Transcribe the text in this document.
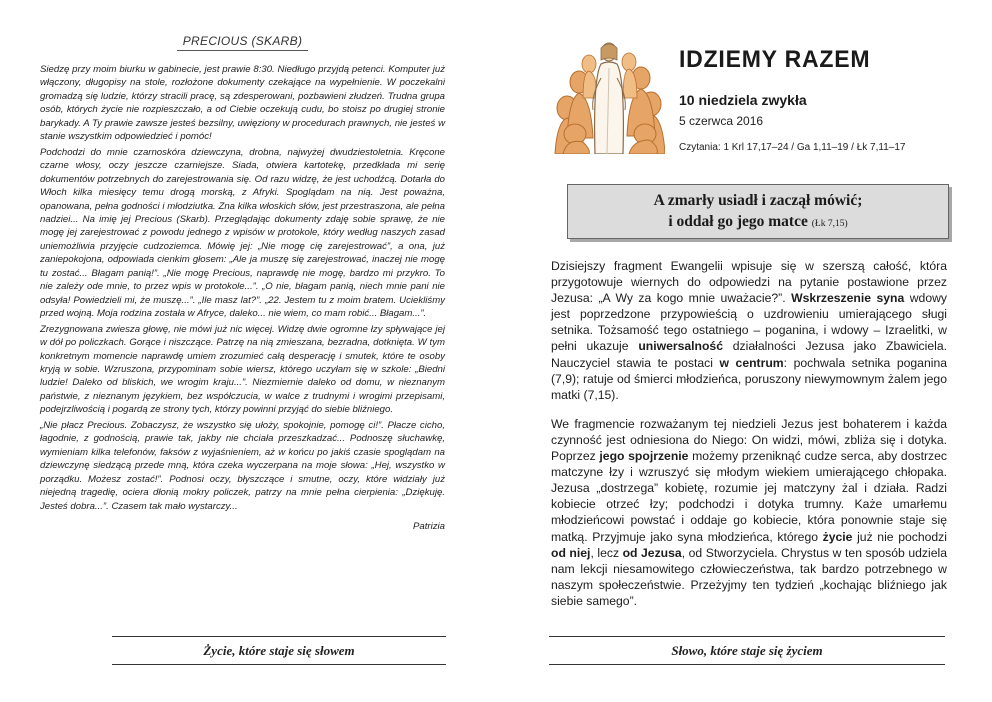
PRECIOUS (SKARB)

Siedzę przy moim biurku w gabinecie, jest prawie 8:30. Niedługo przyjdą petenci. Komputer już włączony, długopisy na stole, rozłożone dokumenty czekające na wypełnienie. W poczekalni gromadzą się ludzie, którzy stracili pracę, są zdesperowani, pozbawieni złudzeń. Trudna grupa osób, których życie nie rozpieszczało, a od Ciebie oczekują cudu, bo stoisz po drugiej stronie barykady. A Ty prawie zawsze jesteś bezsilny, uwięziony w procedurach prawnych, nie jesteś w stanie wszystkim odpowiedzieć i pomóc!

Podchodzi do mnie czarnoskóra dziewczyna, drobna, najwyżej dwudziestoletnia. Kręcone czarne włosy, oczy jeszcze czarniejsze. Siada, otwiera kartotekę, przedkłada mi serię dokumentów potrzebnych do zarejestrowania się. Od razu widzę, że jest uchodźcą. Dotarła do Włoch kilka miesięcy temu drogą morską, z Afryki. Spoglądam na nią. Jest poważna, opanowana, pełna godności i młodziutka. Zna kilka włoskich słów, jest przestraszona, ale pełna nadziei... Na imię jej Precious (Skarb). Przeglądając dokumenty zdaję sobie sprawę, że nie mogę jej zarejestrować z powodu jednego z wpisów w protokole, który według naszych zasad uniemożliwia przyjęcie cudzoziemca. Mówię jej: „Nie mogę cię zarejestrować”, a ona, już zaniepokojona, odpowiada cienkim głosem: „Ale ja muszę się zarejestrować, inaczej nie mogę tu zostać... Błagam panią!”. „Nie mogę Precious, naprawdę nie mogę, bardzo mi przykro. To nie zależy ode mnie, to przez wpis w protokole...”. „O nie, błagam panią, niech mnie pani nie odsyła! Powiedzieli mi, że muszę...”. „Ile masz lat?”. „22. Jestem tu z moim bratem. Uciekliśmy przed wojną. Moja rodzina została w Afryce, daleko... nie wiem, co mam robić... Błagam...”.

Zrezygnowana zwiesza głowę, nie mówi już nic więcej. Widzę dwie ogromne łzy spływające jej w dół po policzkach. Gorące i niszczące. Patrzę na nią zmieszana, bezradna, dotknięta. W tym konkretnym momencie naprawdę umiem zrozumieć całą desperację i smutek, które te osoby kryją w sobie. Wzruszona, przypominam sobie wiersz, którego uczyłam się w szkole: „Biedni ludzie! Daleko od bliskich, we wrogim kraju...”. Niezmiernie daleko od domu, w nieznanym państwie, z nieznanym językiem, bez współczucia, w walce z trudnymi i wrogimi przepisami, podejrzliwością i pogardą ze strony tych, którzy powinni przyjąć do siebie bliźniego.

„Nie płacz Precious. Zobaczysz, że wszystko się ułoży, spokojnie, pomogę ci!”. Płacze cicho, łagodnie, z godnością, prawie tak, jakby nie chciała przeszkadzać... Podnoszę słuchawkę, wymieniam kilka telefonów, faksów z wyjaśnieniem, aż w końcu po jakiś czasie spoglądam na dziewczynę siedzącą przede mną, która czeka wyczerpana na moje słowa: „Hej, wszystko w porządku. Możesz zostać!”. Podnosi oczy, błyszczące i smutne, oczy, które widziały już niejedną tragedię, ociera dłonią mokry policzek, patrzy na mnie pełna cierpienia: „Dziękuję. Jesteś dobra...”. Czasem tak mało wystarczy...

Patrizia
Życie, które staje się słowem
IDZIEMY RAZEM
10 niedziela zwykła
5 czerwca 2016
Czytania: 1 Krl 17,17–24 / Ga 1,11–19 / Łk 7,11–17
A zmarły usiadł i zaczął mówić;
i oddał go jego matce (Łk 7,15)

Dzisiejszy fragment Ewangelii wpisuje się w szerszą całość, która przygotowuje wiernych do odpowiedzi na pytanie postawione przez Jezusa: „A Wy za kogo mnie uważacie?”. Wskrzeszenie syna wdowy jest poprzedzone przypowieścią o uzdrowieniu umierającego sługi setnika. Tożsamość tego ostatniego – poganina, i wdowy – Izraelitki, w pełni ukazuje uniwersalność działalności Jezusa jako Zbawiciela. Nauczyciel stawia te postaci w centrum: pochwala setnika poganina (7,9); ratuje od śmierci młodzieńca, poruszony niewymownym żalem jego matki (7,15).

We fragmencie rozważanym tej niedzieli Jezus jest bohaterem i każda czynność jest odniesiona do Niego: On widzi, mówi, zbliża się i dotyka. Poprzez jego spojrzenie możemy przeniknąć cudze serca, aby dostrzec matczyne łzy i wzruszyć się młodym wiekiem umierającego chłopaka. Jezusa „dostrzega” kobietę, rozumie jej matczyny żal i działa. Radzi kobiecie otrzeć łzy; podchodzi i dotyka trumny. Każe umarłemu młodzieńcowi powstać i oddaje go kobiecie, która ponownie staje się matką. Przyjmuje jako syna młodzieńca, którego życie już nie pochodzi od niej, lecz od Jezusa, od Stworzyciela. Chrystus w ten sposób udziela nam lekcji niesamowitego człowieczeństwa, tak bardzo potrzebnego w naszym społeczeństwie. Przeżyjmy ten tydzień „kochając bliźniego jak siebie samego”.

Słowo, które staje się życiem
